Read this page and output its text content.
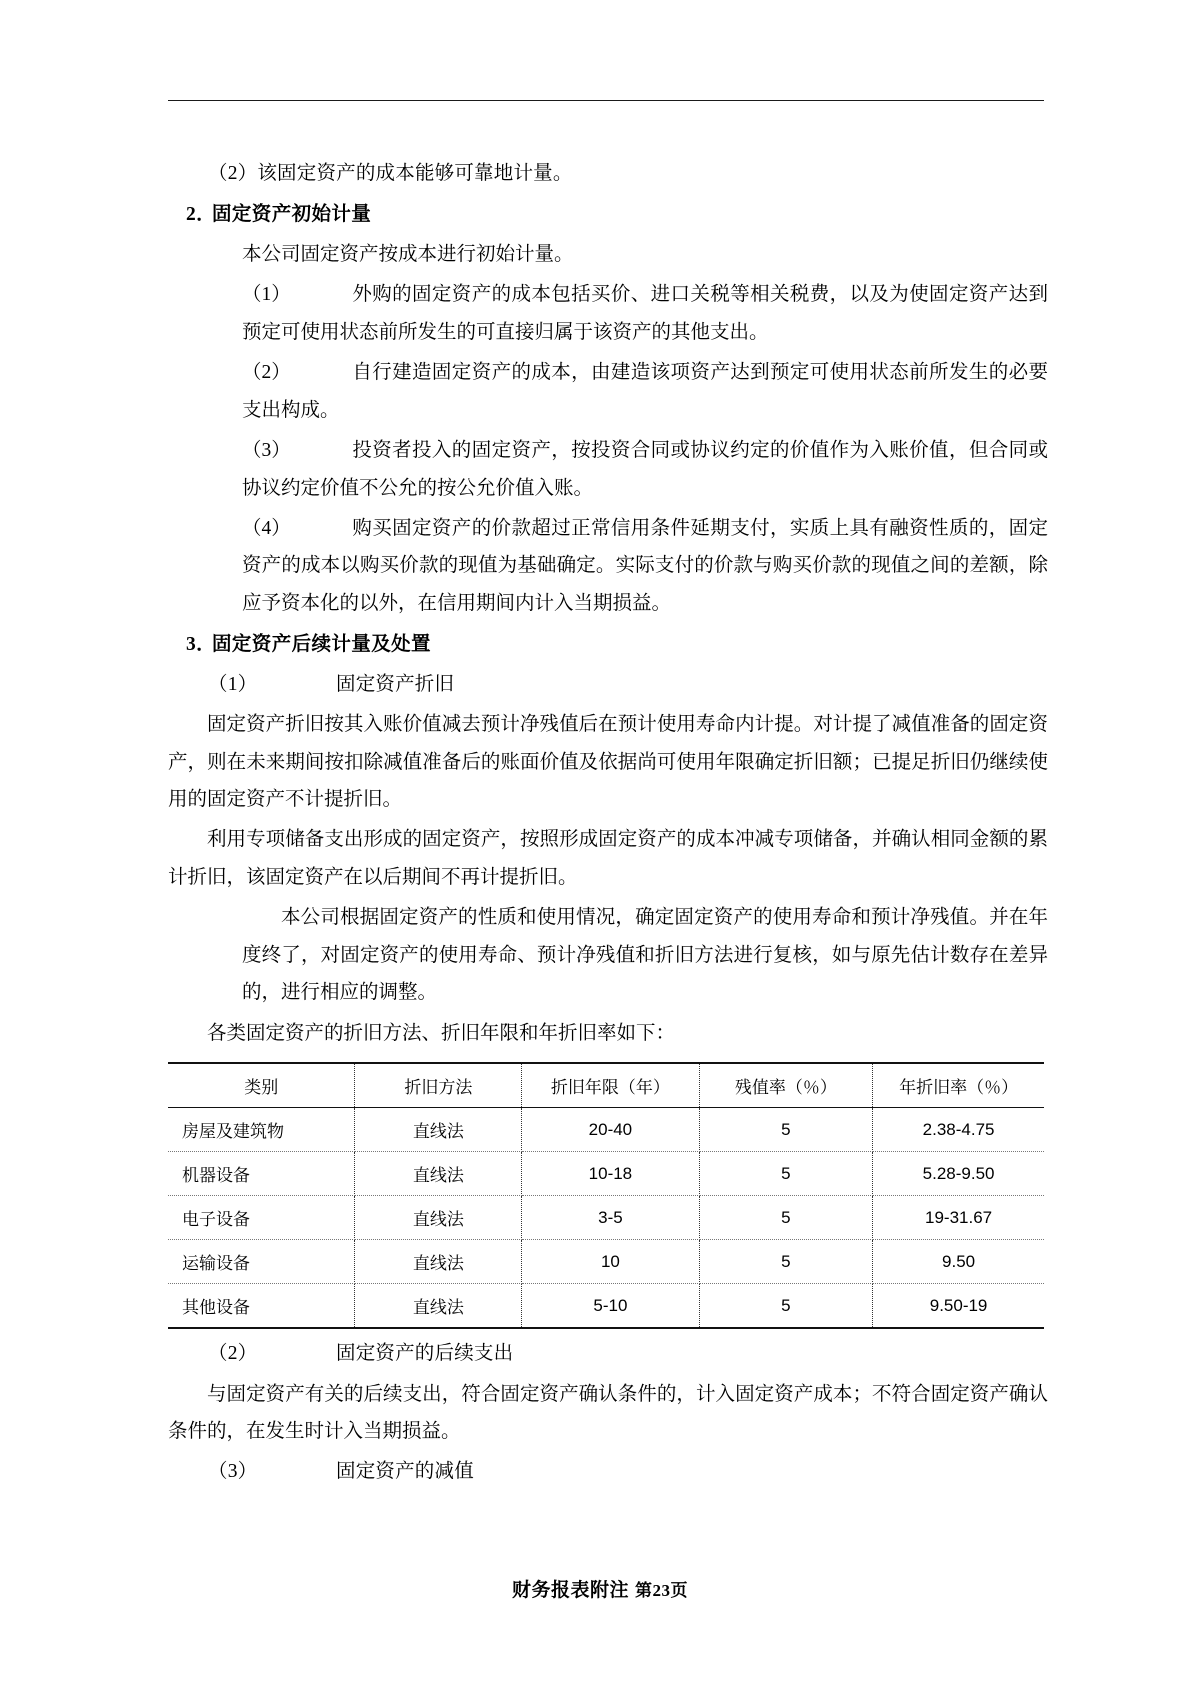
（2）该固定资产的成本能够可靠地计量。

2．固定资产初始计量

本公司固定资产按成本进行初始计量。

（1）	外购的固定资产的成本包括买价、进口关税等相关税费，以及为使固定资产达到预定可使用状态前所发生的可直接归属于该资产的其他支出。

（2）	自行建造固定资产的成本，由建造该项资产达到预定可使用状态前所发生的必要支出构成。

（3）	投资者投入的固定资产，按投资合同或协议约定的价值作为入账价值，但合同或协议约定价值不公允的按公允价值入账。

（4）	购买固定资产的价款超过正常信用条件延期支付，实质上具有融资性质的，固定资产的成本以购买价款的现值为基础确定。实际支付的价款与购买价款的现值之间的差额，除应予资本化的以外，在信用期间内计入当期损益。

3．固定资产后续计量及处置

（1）	固定资产折旧

固定资产折旧按其入账价值减去预计净残值后在预计使用寿命内计提。对计提了减值准备的固定资产，则在未来期间按扣除减值准备后的账面价值及依据尚可使用年限确定折旧额；已提足折旧仍继续使用的固定资产不计提折旧。

利用专项储备支出形成的固定资产，按照形成固定资产的成本冲减专项储备，并确认相同金额的累计折旧，该固定资产在以后期间不再计提折旧。

本公司根据固定资产的性质和使用情况，确定固定资产的使用寿命和预计净残值。并在年度终了，对固定资产的使用寿命、预计净残值和折旧方法进行复核，如与原先估计数存在差异的，进行相应的调整。

各类固定资产的折旧方法、折旧年限和年折旧率如下：

类别	折旧方法	折旧年限（年）	残值率（％）	年折旧率（％）
房屋及建筑物	直线法	20-40	5	2.38-4.75
机器设备	直线法	10-18	5	5.28-9.50
电子设备	直线法	3-5	5	19-31.67
运输设备	直线法	10	5	9.50
其他设备	直线法	5-10	5	9.50-19

（2）	固定资产的后续支出

与固定资产有关的后续支出，符合固定资产确认条件的，计入固定资产成本；不符合固定资产确认条件的，在发生时计入当期损益。

（3）	固定资产的减值

财务报表附注 第23页
